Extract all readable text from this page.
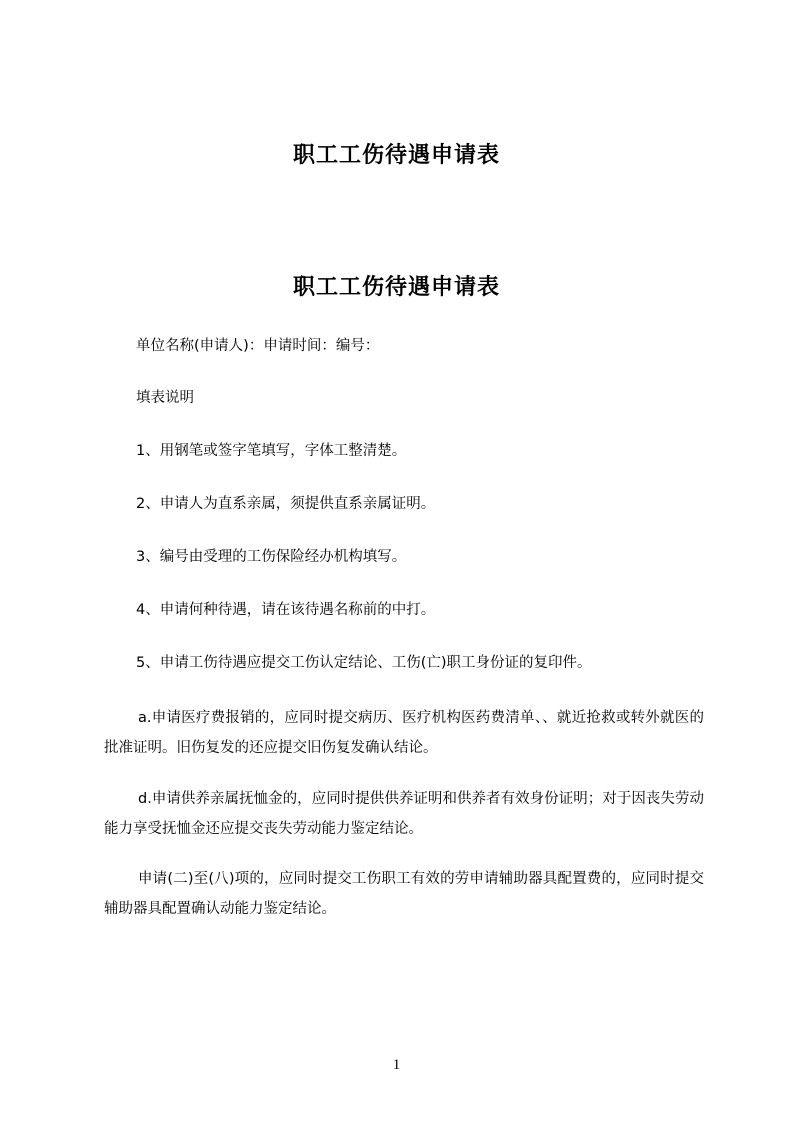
职工工伤待遇申请表
职工工伤待遇申请表

单位名称(申请人)：申请时间：编号：

填表说明

1、用钢笔或签字笔填写，字体工整清楚。

2、申请人为直系亲属，须提供直系亲属证明。

3、编号由受理的工伤保险经办机构填写。

4、申请何种待遇，请在该待遇名称前的中打。

5、申请工伤待遇应提交工伤认定结论、工伤(亡)职工身份证的复印件。

a.申请医疗费报销的，应同时提交病历、医疗机构医药费清单、、就近抢救或转外就医的批准证明。旧伤复发的还应提交旧伤复发确认结论。

d.申请供养亲属抚恤金的，应同时提供供养证明和供养者有效身份证明；对于因丧失劳动能力享受抚恤金还应提交丧失劳动能力鉴定结论。

申请(二)至(八)项的，应同时提交工伤职工有效的劳申请辅助器具配置费的，应同时提交辅助器具配置确认动能力鉴定结论。

1
